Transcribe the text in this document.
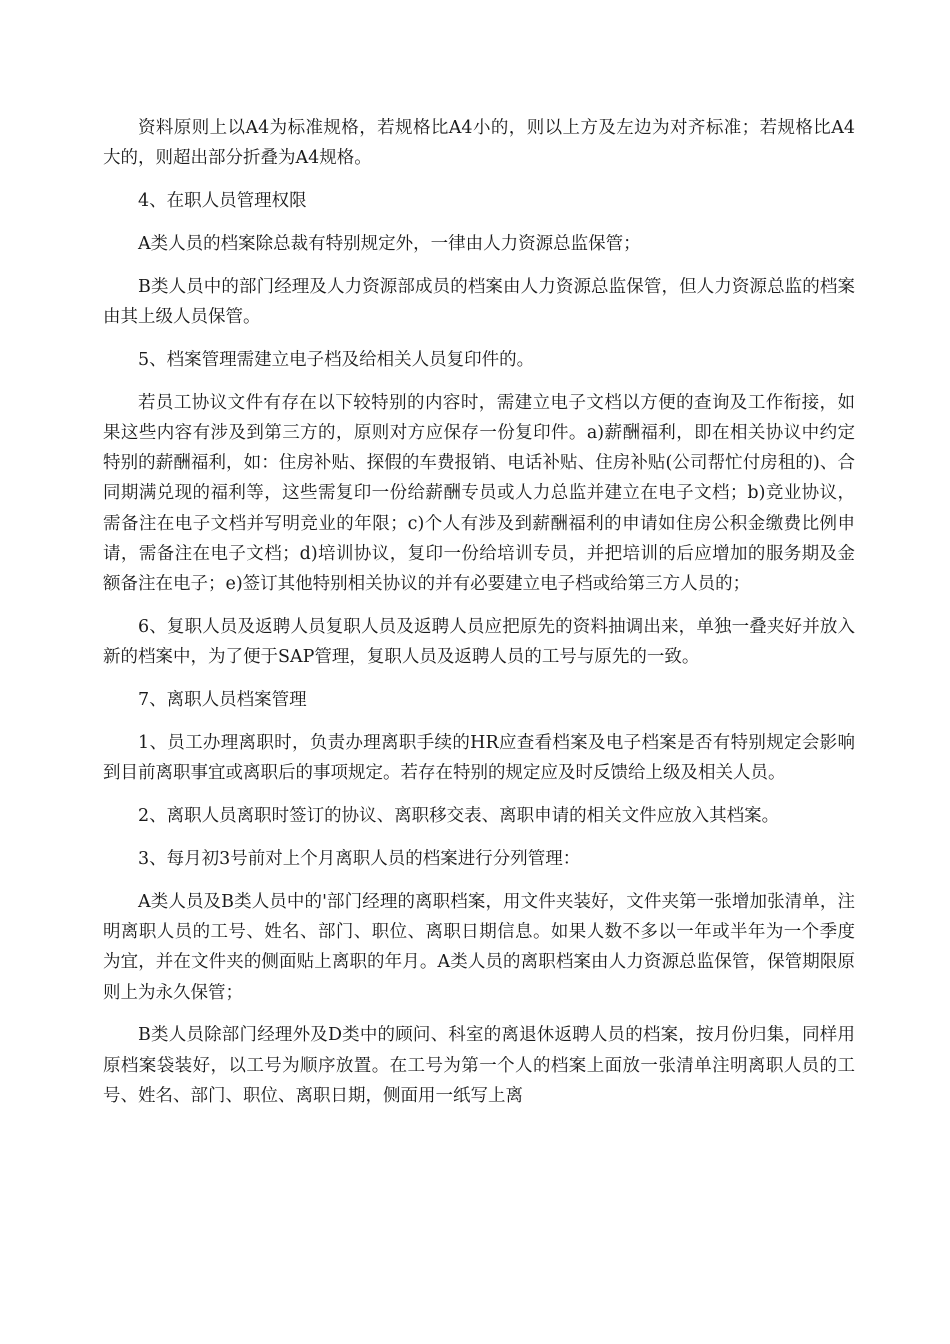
资料原则上以A4为标准规格，若规格比A4小的，则以上方及左边为对齐标准；若规格比A4大的，则超出部分折叠为A4规格。

4、在职人员管理权限

A类人员的档案除总裁有特别规定外，一律由人力资源总监保管；

B类人员中的部门经理及人力资源部成员的档案由人力资源总监保管，但人力资源总监的档案由其上级人员保管。

5、档案管理需建立电子档及给相关人员复印件的。

若员工协议文件有存在以下较特别的内容时，需建立电子文档以方便的查询及工作衔接，如果这些内容有涉及到第三方的，原则对方应保存一份复印件。a)薪酬福利，即在相关协议中约定特别的薪酬福利，如：住房补贴、探假的车费报销、电话补贴、住房补贴(公司帮忙付房租的)、合同期满兑现的福利等，这些需复印一份给薪酬专员或人力总监并建立在电子文档；b)竞业协议，需备注在电子文档并写明竞业的年限；c)个人有涉及到薪酬福利的申请如住房公积金缴费比例申请，需备注在电子文档；d)培训协议，复印一份给培训专员，并把培训的后应增加的服务期及金额备注在电子；e)签订其他特别相关协议的并有必要建立电子档或给第三方人员的；

6、复职人员及返聘人员复职人员及返聘人员应把原先的资料抽调出来，单独一叠夹好并放入新的档案中，为了便于SAP管理，复职人员及返聘人员的工号与原先的一致。

7、离职人员档案管理

1、员工办理离职时，负责办理离职手续的HR应查看档案及电子档案是否有特别规定会影响到目前离职事宜或离职后的事项规定。若存在特别的规定应及时反馈给上级及相关人员。

2、离职人员离职时签订的协议、离职移交表、离职申请的相关文件应放入其档案。

3、每月初3号前对上个月离职人员的档案进行分列管理：

A类人员及B类人员中的'部门经理的离职档案，用文件夹装好，文件夹第一张增加张清单，注明离职人员的工号、姓名、部门、职位、离职日期信息。如果人数不多以一年或半年为一个季度为宜，并在文件夹的侧面贴上离职的年月。A类人员的离职档案由人力资源总监保管，保管期限原则上为永久保管；

B类人员除部门经理外及D类中的顾问、科室的离退休返聘人员的档案，按月份归集，同样用原档案袋装好，以工号为顺序放置。在工号为第一个人的档案上面放一张清单注明离职人员的工号、姓名、部门、职位、离职日期，侧面用一纸写上离
